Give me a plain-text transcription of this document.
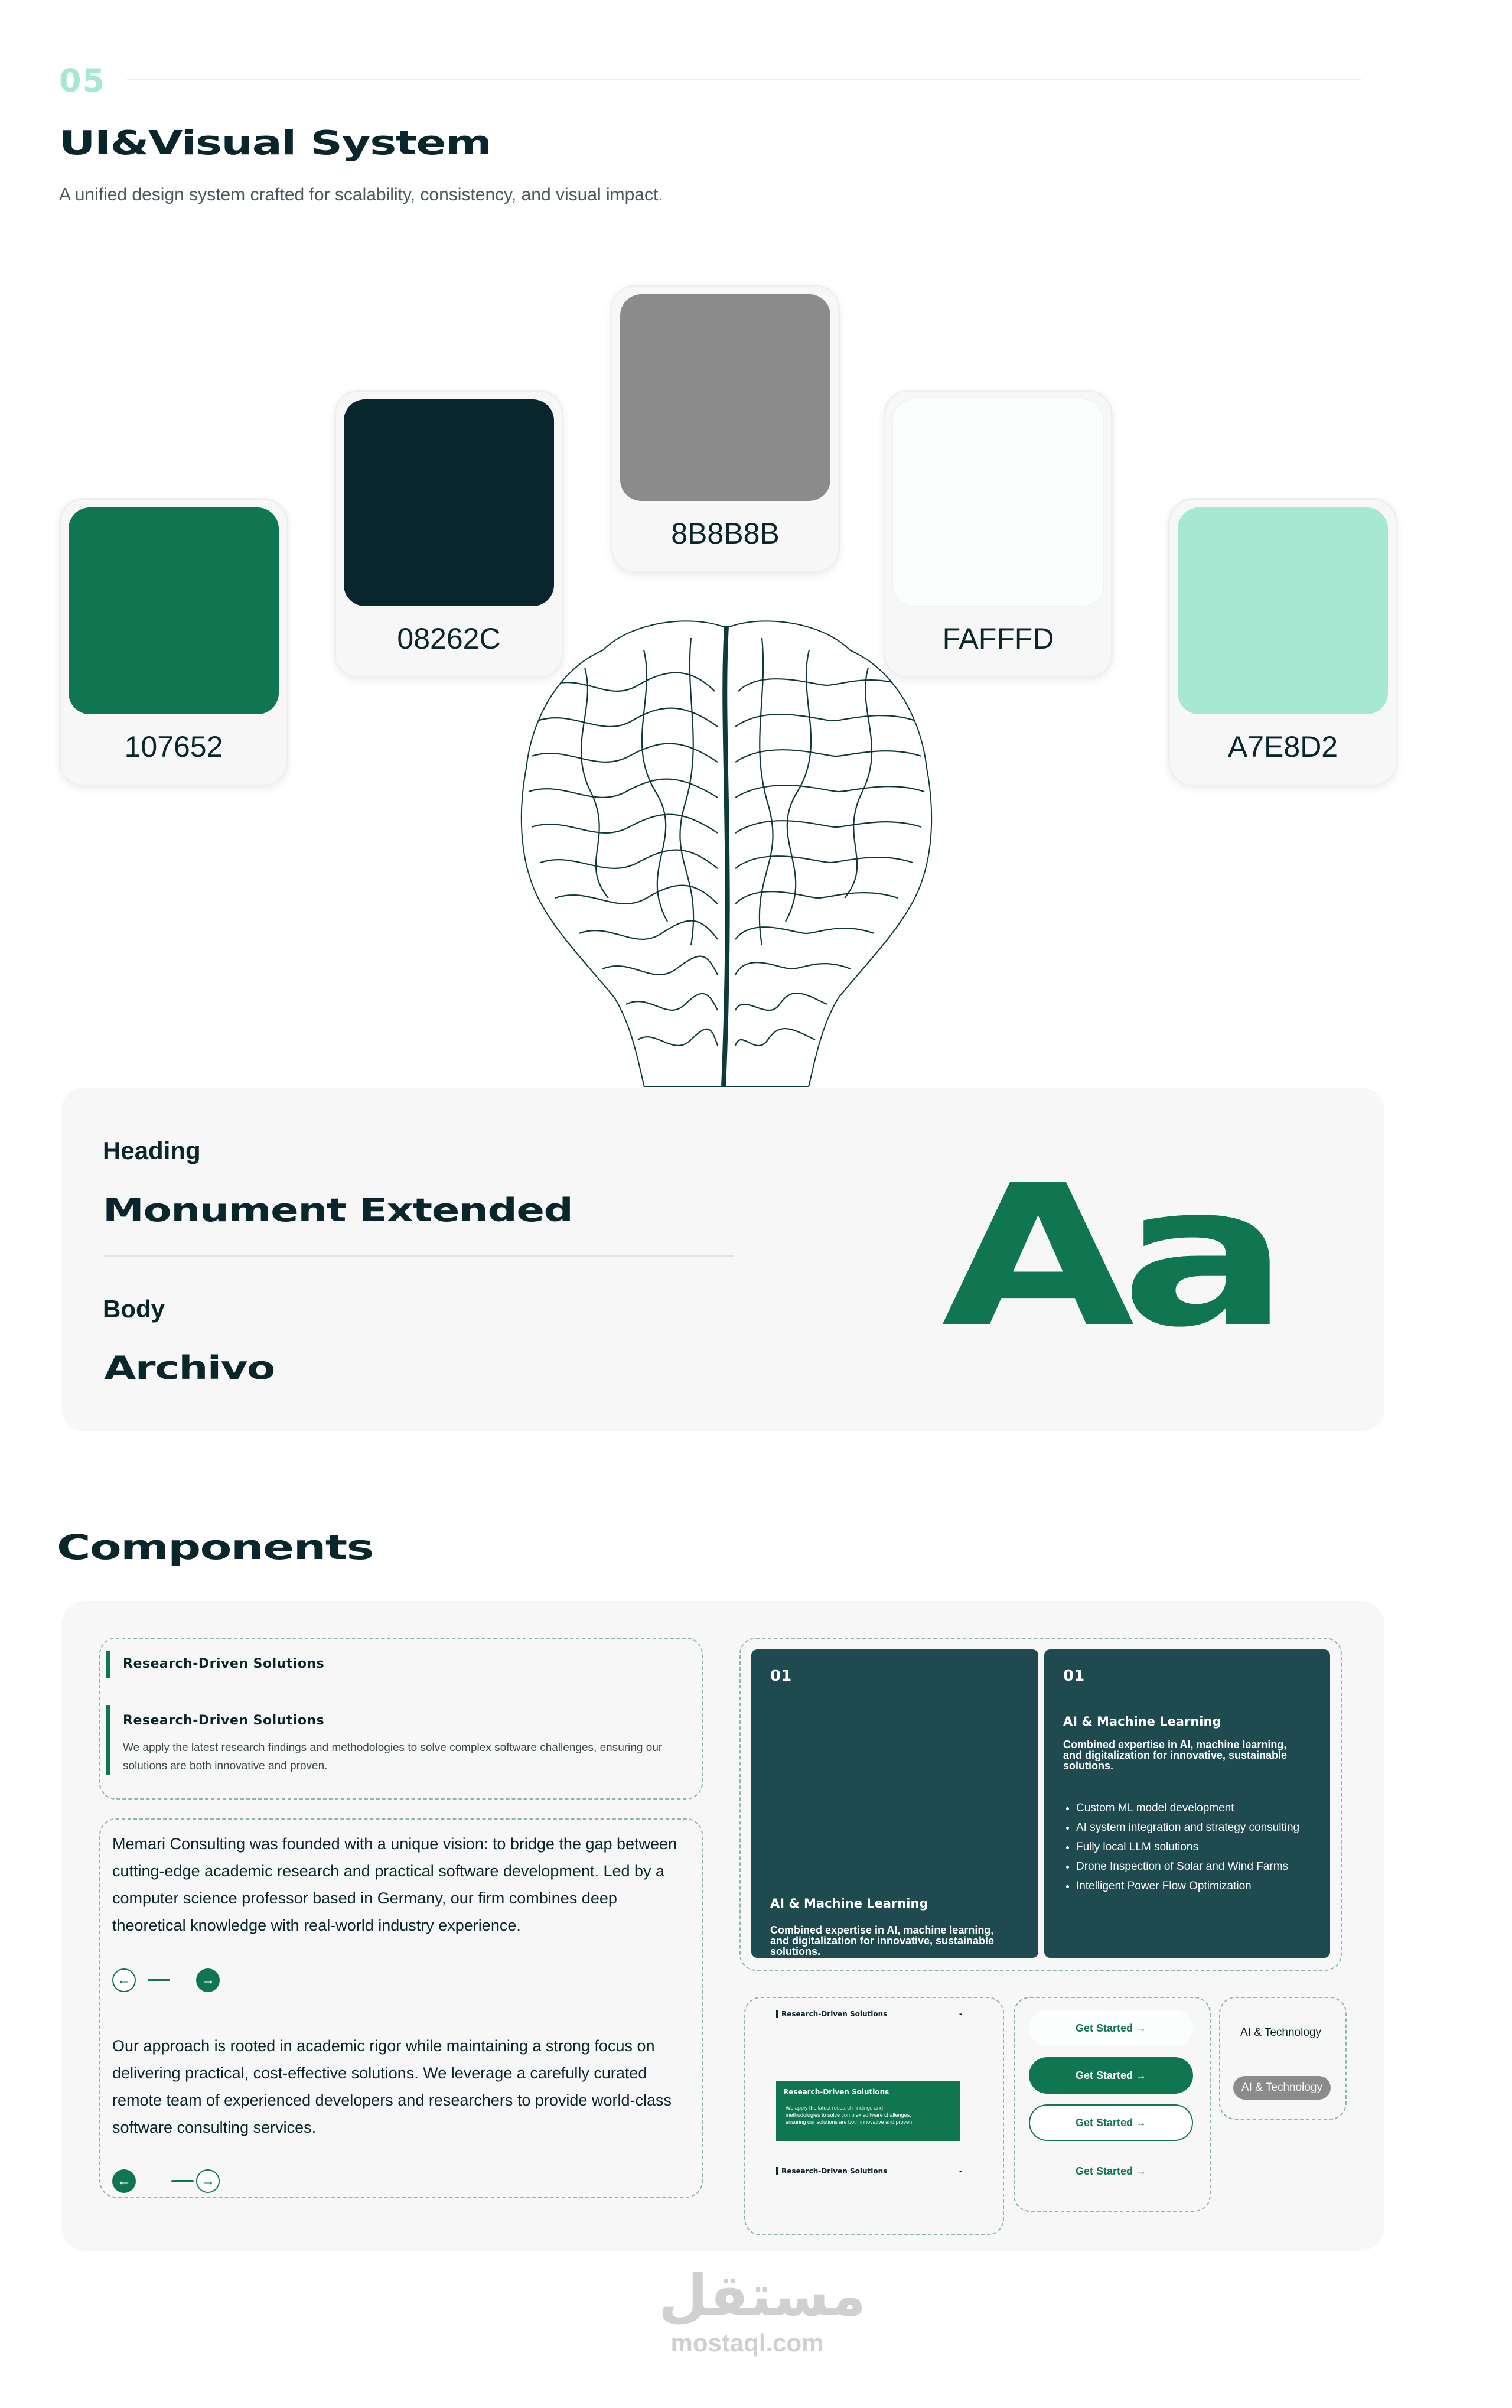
05
UI&Visual System
A unified design system crafted for scalability, consistency, and visual impact.
107652
08262C
8B8B8B
FAFFFD
A7E8D2
Heading
Monument Extended
Body
Archivo	Aa
Components
Research-Driven Solutions
Research-Driven Solutions
We apply the latest research findings and methodologies to solve complex software challenges, ensuring our solutions are both innovative and proven.
Memari Consulting was founded with a unique vision: to bridge the gap between cutting-edge academic research and practical software development. Led by a computer science professor based in Germany, our firm combines deep theoretical knowledge with real-world industry experience.
←	→
Our approach is rooted in academic rigor while maintaining a strong focus on delivering practical, cost-effective solutions. We leverage a carefully curated remote team of experienced developers and researchers to provide world-class software consulting services.
←	→
01
AI & Machine Learning
Combined expertise in AI, machine learning, and digitalization for innovative, sustainable solutions.
01
AI & Machine Learning
Combined expertise in AI, machine learning, and digitalization for innovative, sustainable solutions.
• Custom ML model development
• AI system integration and strategy consulting
• Fully local LLM solutions
• Drone Inspection of Solar and Wind Farms
• Intelligent Power Flow Optimization
Research-Driven Solutions	-
Research-Driven Solutions
We apply the latest research findings and methodologies to solve complex software challenges, ensuring our solutions are both innovative and proven.
Research-Driven Solutions	-
Get Started →
Get Started →
Get Started →
Get Started →
AI & Technology
AI & Technology
مستقل
mostaql.com
